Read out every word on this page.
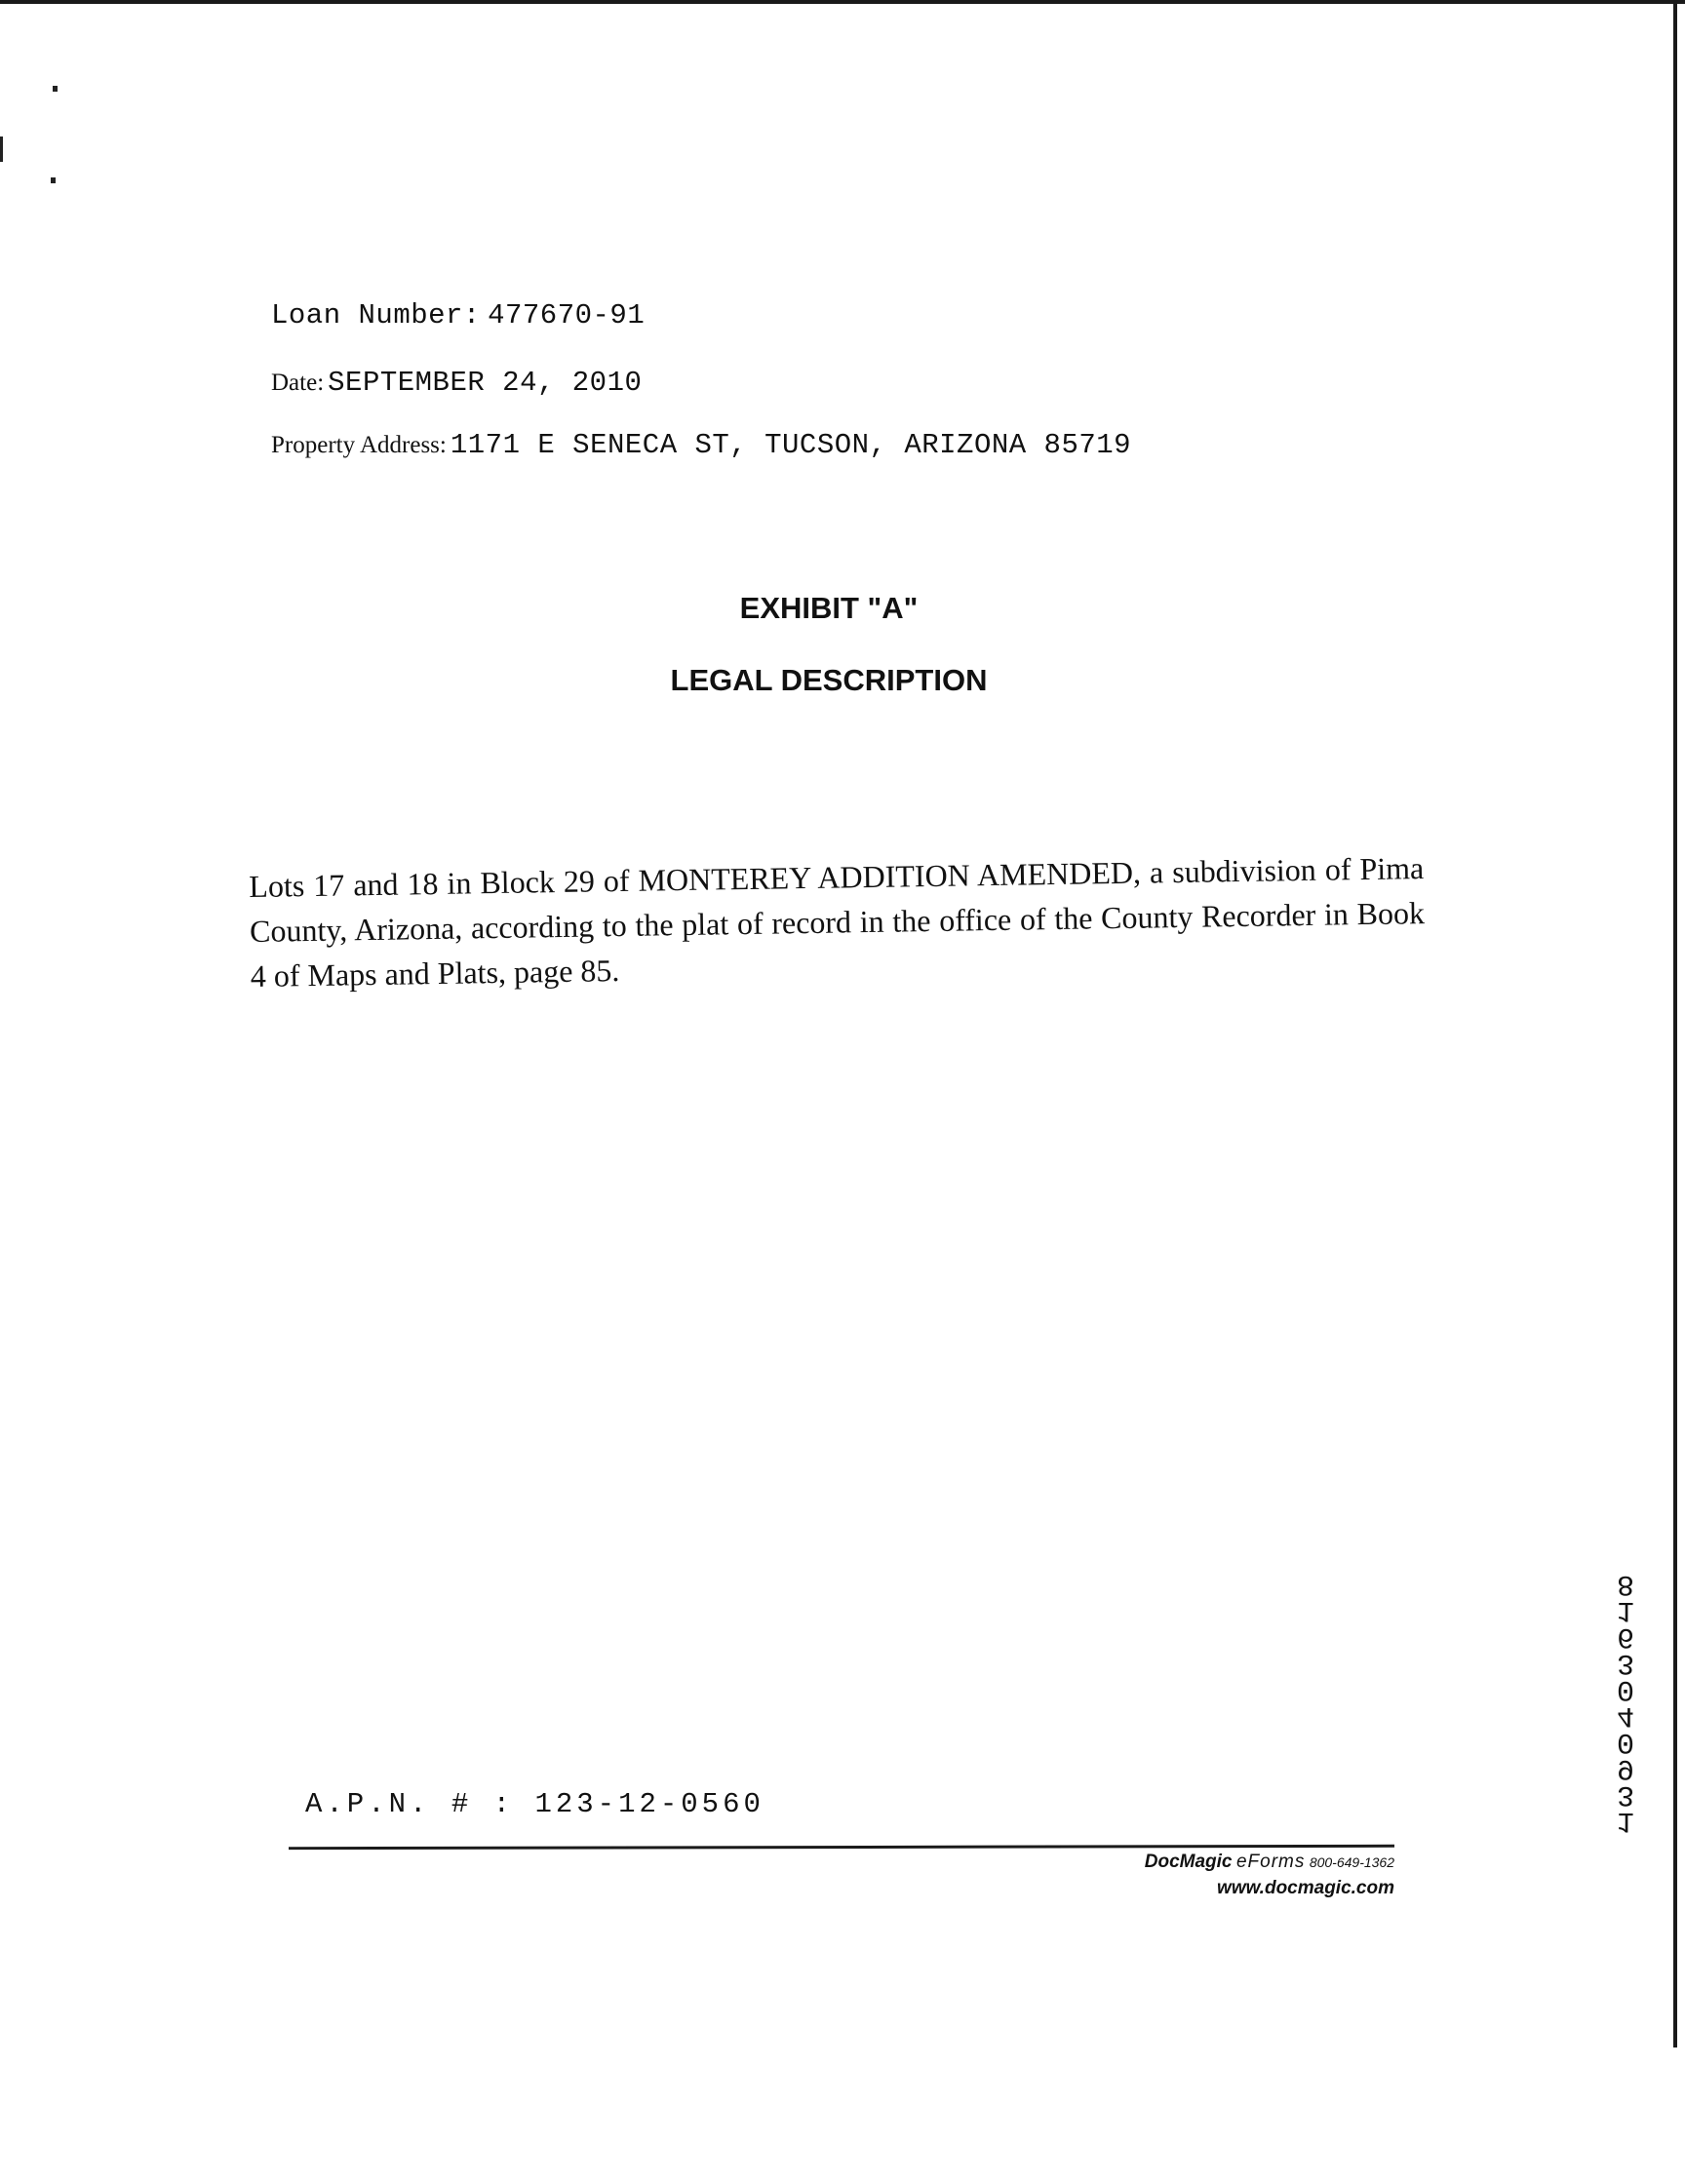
Loan Number: 477670-91
Date: SEPTEMBER 24, 2010
Property Address: 1171 E SENECA ST, TUCSON, ARIZONA 85719
EXHIBIT "A"
LEGAL DESCRIPTION
Lots 17 and 18 in Block 29 of MONTEREY ADDITION AMENDED, a subdivision of Pima County, Arizona, according to the plat of record in the office of the County Recorder in Book 4 of Maps and Plats, page 85.
A.P.N. # : 123-12-0560
DocMagic eForms 800-649-1362
www.docmagic.com
13904 03618
